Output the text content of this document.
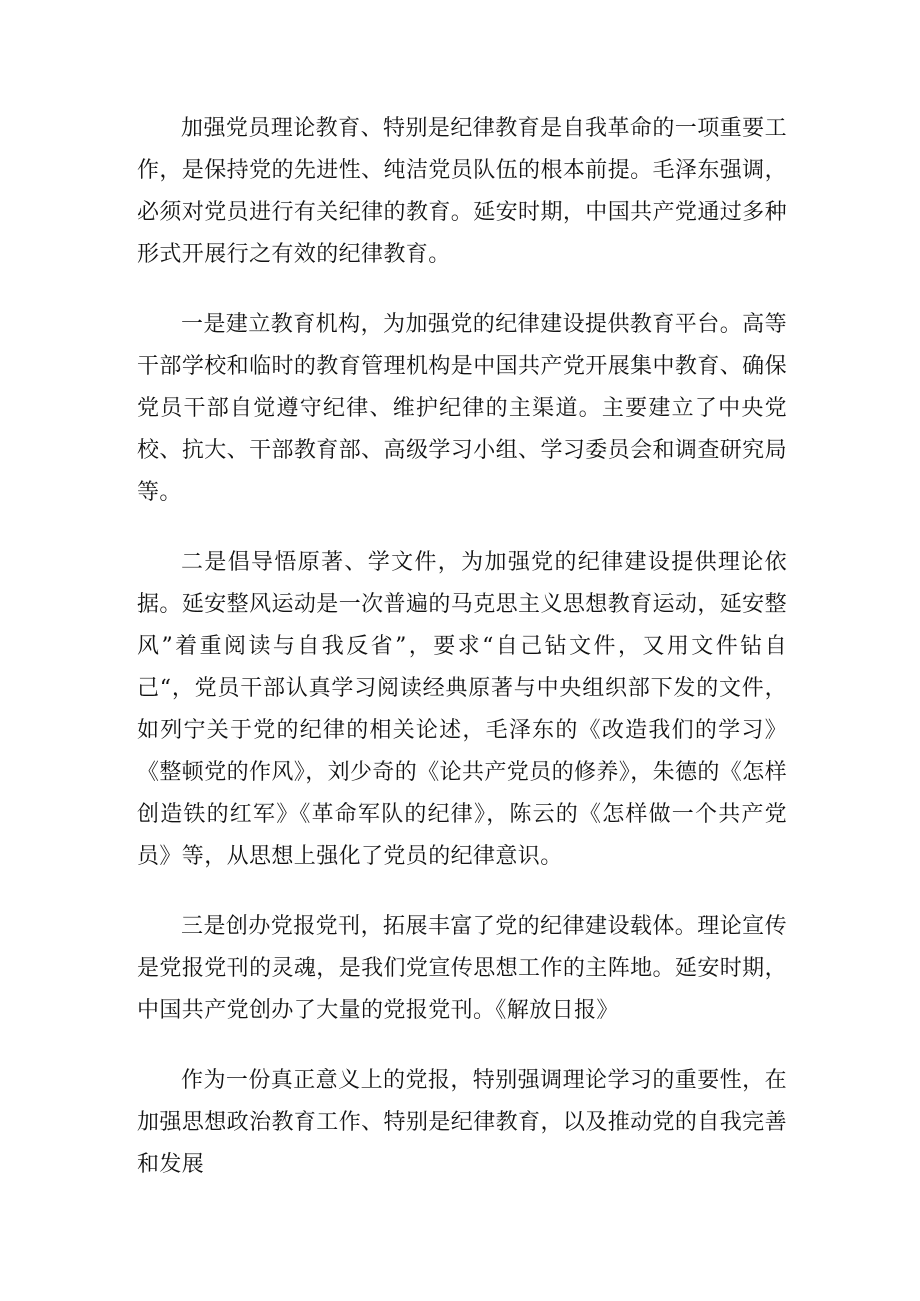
加强党员理论教育、特别是纪律教育是自我革命的一项重要工作，是保持党的先进性、纯洁党员队伍的根本前提。毛泽东强调，必须对党员进行有关纪律的教育。延安时期，中国共产党通过多种形式开展行之有效的纪律教育。

一是建立教育机构，为加强党的纪律建设提供教育平台。高等干部学校和临时的教育管理机构是中国共产党开展集中教育、确保党员干部自觉遵守纪律、维护纪律的主渠道。主要建立了中央党校、抗大、干部教育部、高级学习小组、学习委员会和调查研究局等。

二是倡导悟原著、学文件，为加强党的纪律建设提供理论依据。延安整风运动是一次普遍的马克思主义思想教育运动，延安整风”着重阅读与自我反省”，要求“自己钻文件，又用文件钻自己“，党员干部认真学习阅读经典原著与中央组织部下发的文件，如列宁关于党的纪律的相关论述，毛泽东的《改造我们的学习》《整顿党的作风》，刘少奇的《论共产党员的修养》，朱德的《怎样创造铁的红军》《革命军队的纪律》，陈云的《怎样做一个共产党员》等，从思想上强化了党员的纪律意识。

三是创办党报党刊，拓展丰富了党的纪律建设载体。理论宣传是党报党刊的灵魂，是我们党宣传思想工作的主阵地。延安时期，中国共产党创办了大量的党报党刊。《解放日报》

作为一份真正意义上的党报，特别强调理论学习的重要性，在加强思想政治教育工作、特别是纪律教育，以及推动党的自我完善和发展
